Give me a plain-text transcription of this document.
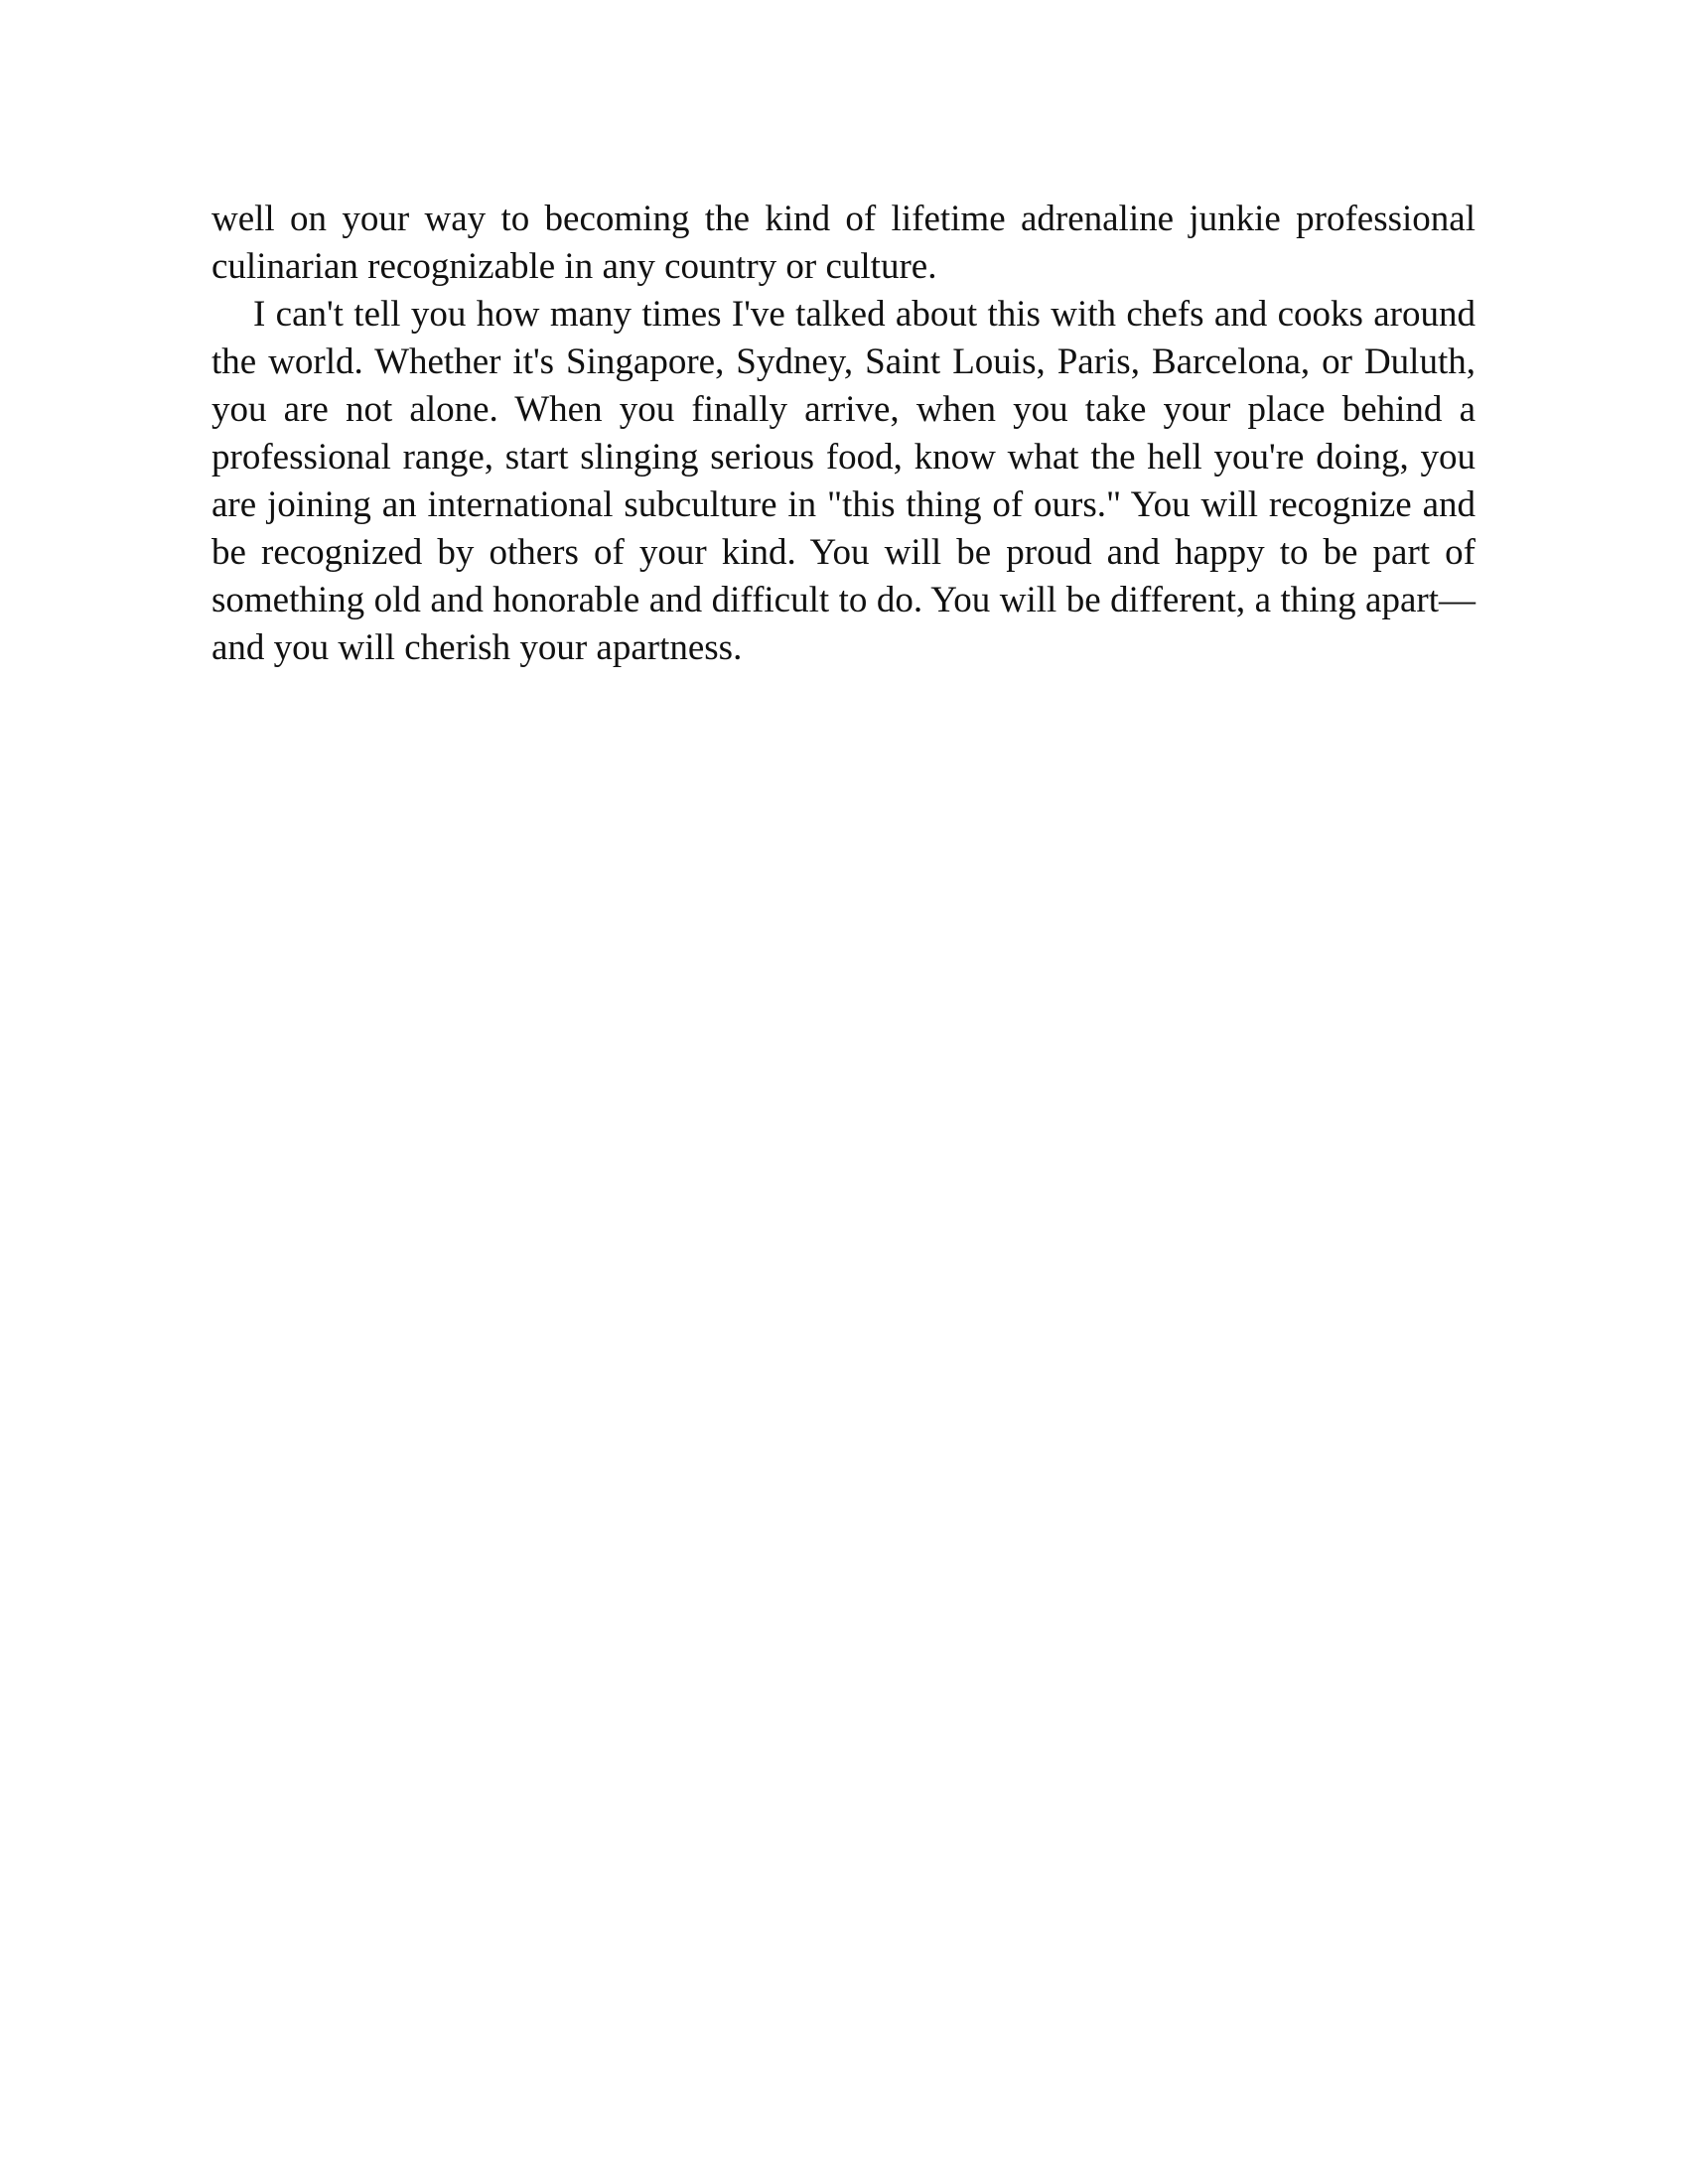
well on your way to becoming the kind of lifetime adrenaline junkie professional culinarian recognizable in any country or culture.

I can't tell you how many times I've talked about this with chefs and cooks around the world. Whether it's Singapore, Sydney, Saint Louis, Paris, Barcelona, or Duluth, you are not alone. When you finally arrive, when you take your place behind a professional range, start slinging serious food, know what the hell you're doing, you are joining an international subculture in "this thing of ours." You will recognize and be recognized by others of your kind. You will be proud and happy to be part of something old and honorable and difficult to do. You will be different, a thing apart—and you will cherish your apartness.
